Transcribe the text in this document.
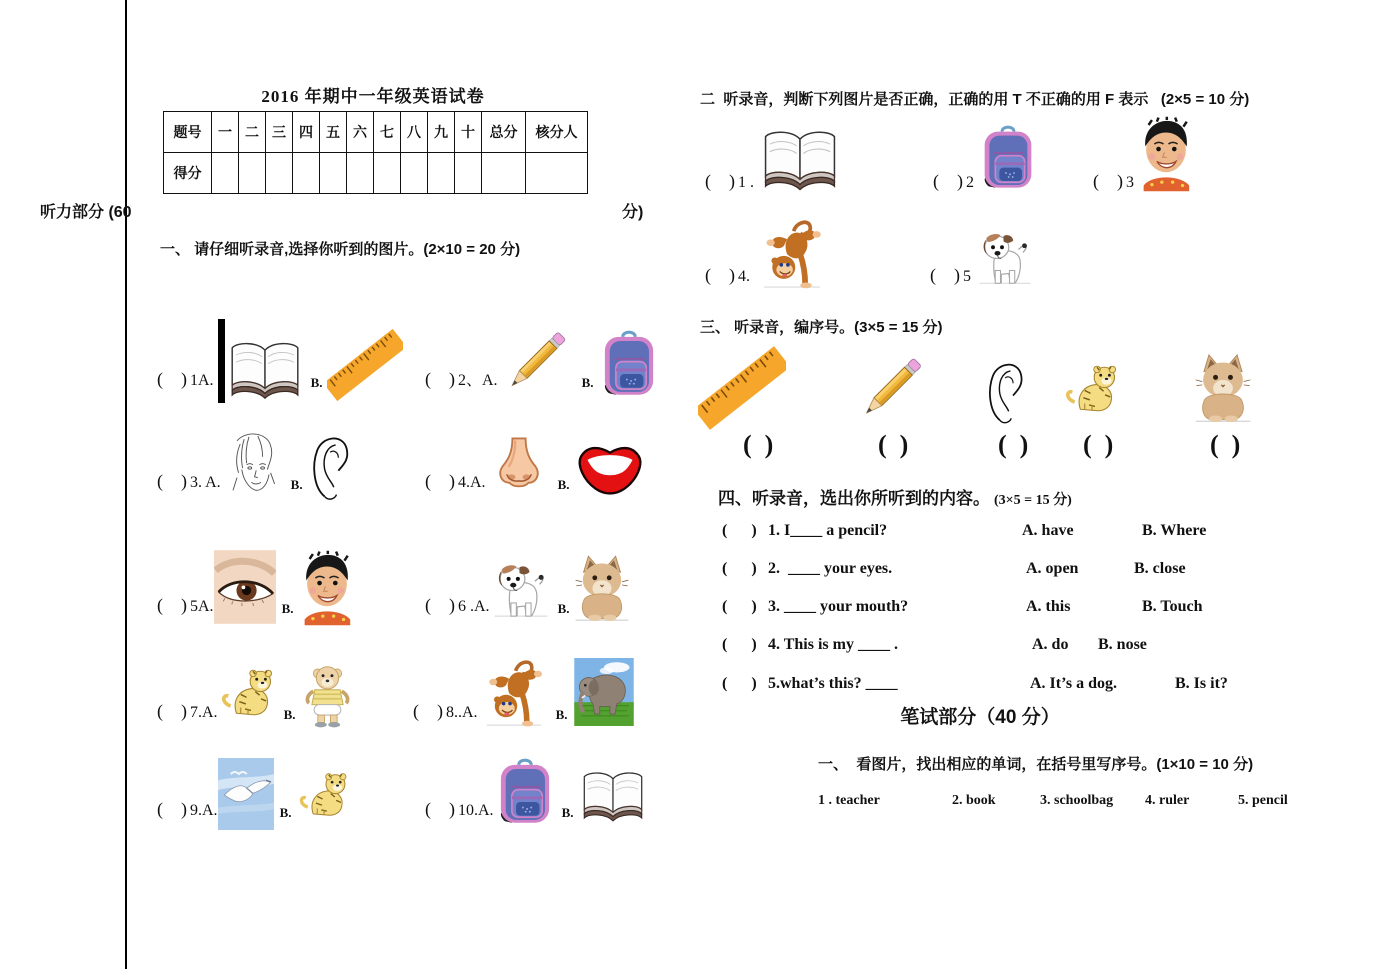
2016 年期中一年级英语试卷
题号	一	二	三	四	五	六	七	八	九	十	总分	核分人
得分												
听力部分 (60	分)
一、 请仔细听录音,选择你听到的图片。(2×10 = 20 分)
(    ) 1A.	B.	(    ) 2、A.	B.
(    ) 3. A.	B.	(    ) 4.A.	B.
(    ) 5A.	B.	(    ) 6 .A.	B.
(    ) 7.A.	B.	(    ) 8..A.	B.
(    ) 9.A.	B.	(    ) 10.A.	B.
二  听录音，判断下列图片是否正确，正确的用 T 不正确的用 F 表示   (2×5 = 10 分)
(    ) 1 .	(    ) 2	(    ) 3
(    ) 4.	(    ) 5
三、 听录音，编序号。(3×5 = 15 分)
(  )	(  )	(  ) (  )	(  )
四、听录音，选出你所听到的内容。 (3×5 = 15 分)
(      ) 1. I____ a pencil?	A. have	B. Where
(      ) 2.  ____ your eyes.	A. open	B. close
(      ) 3. ____ your mouth?	A. this	B. Touch
(      ) 4. This is my ____ .	A. do B. nose
(      ) 5.what’s this? ____	A. It’s a dog.	B. Is it?
笔试部分（40 分）
一、  看图片，找出相应的单词，在括号里写序号。(1×10 = 10 分)
1 . teacher	2. book	3. schoolbag 4. ruler	5. pencil
